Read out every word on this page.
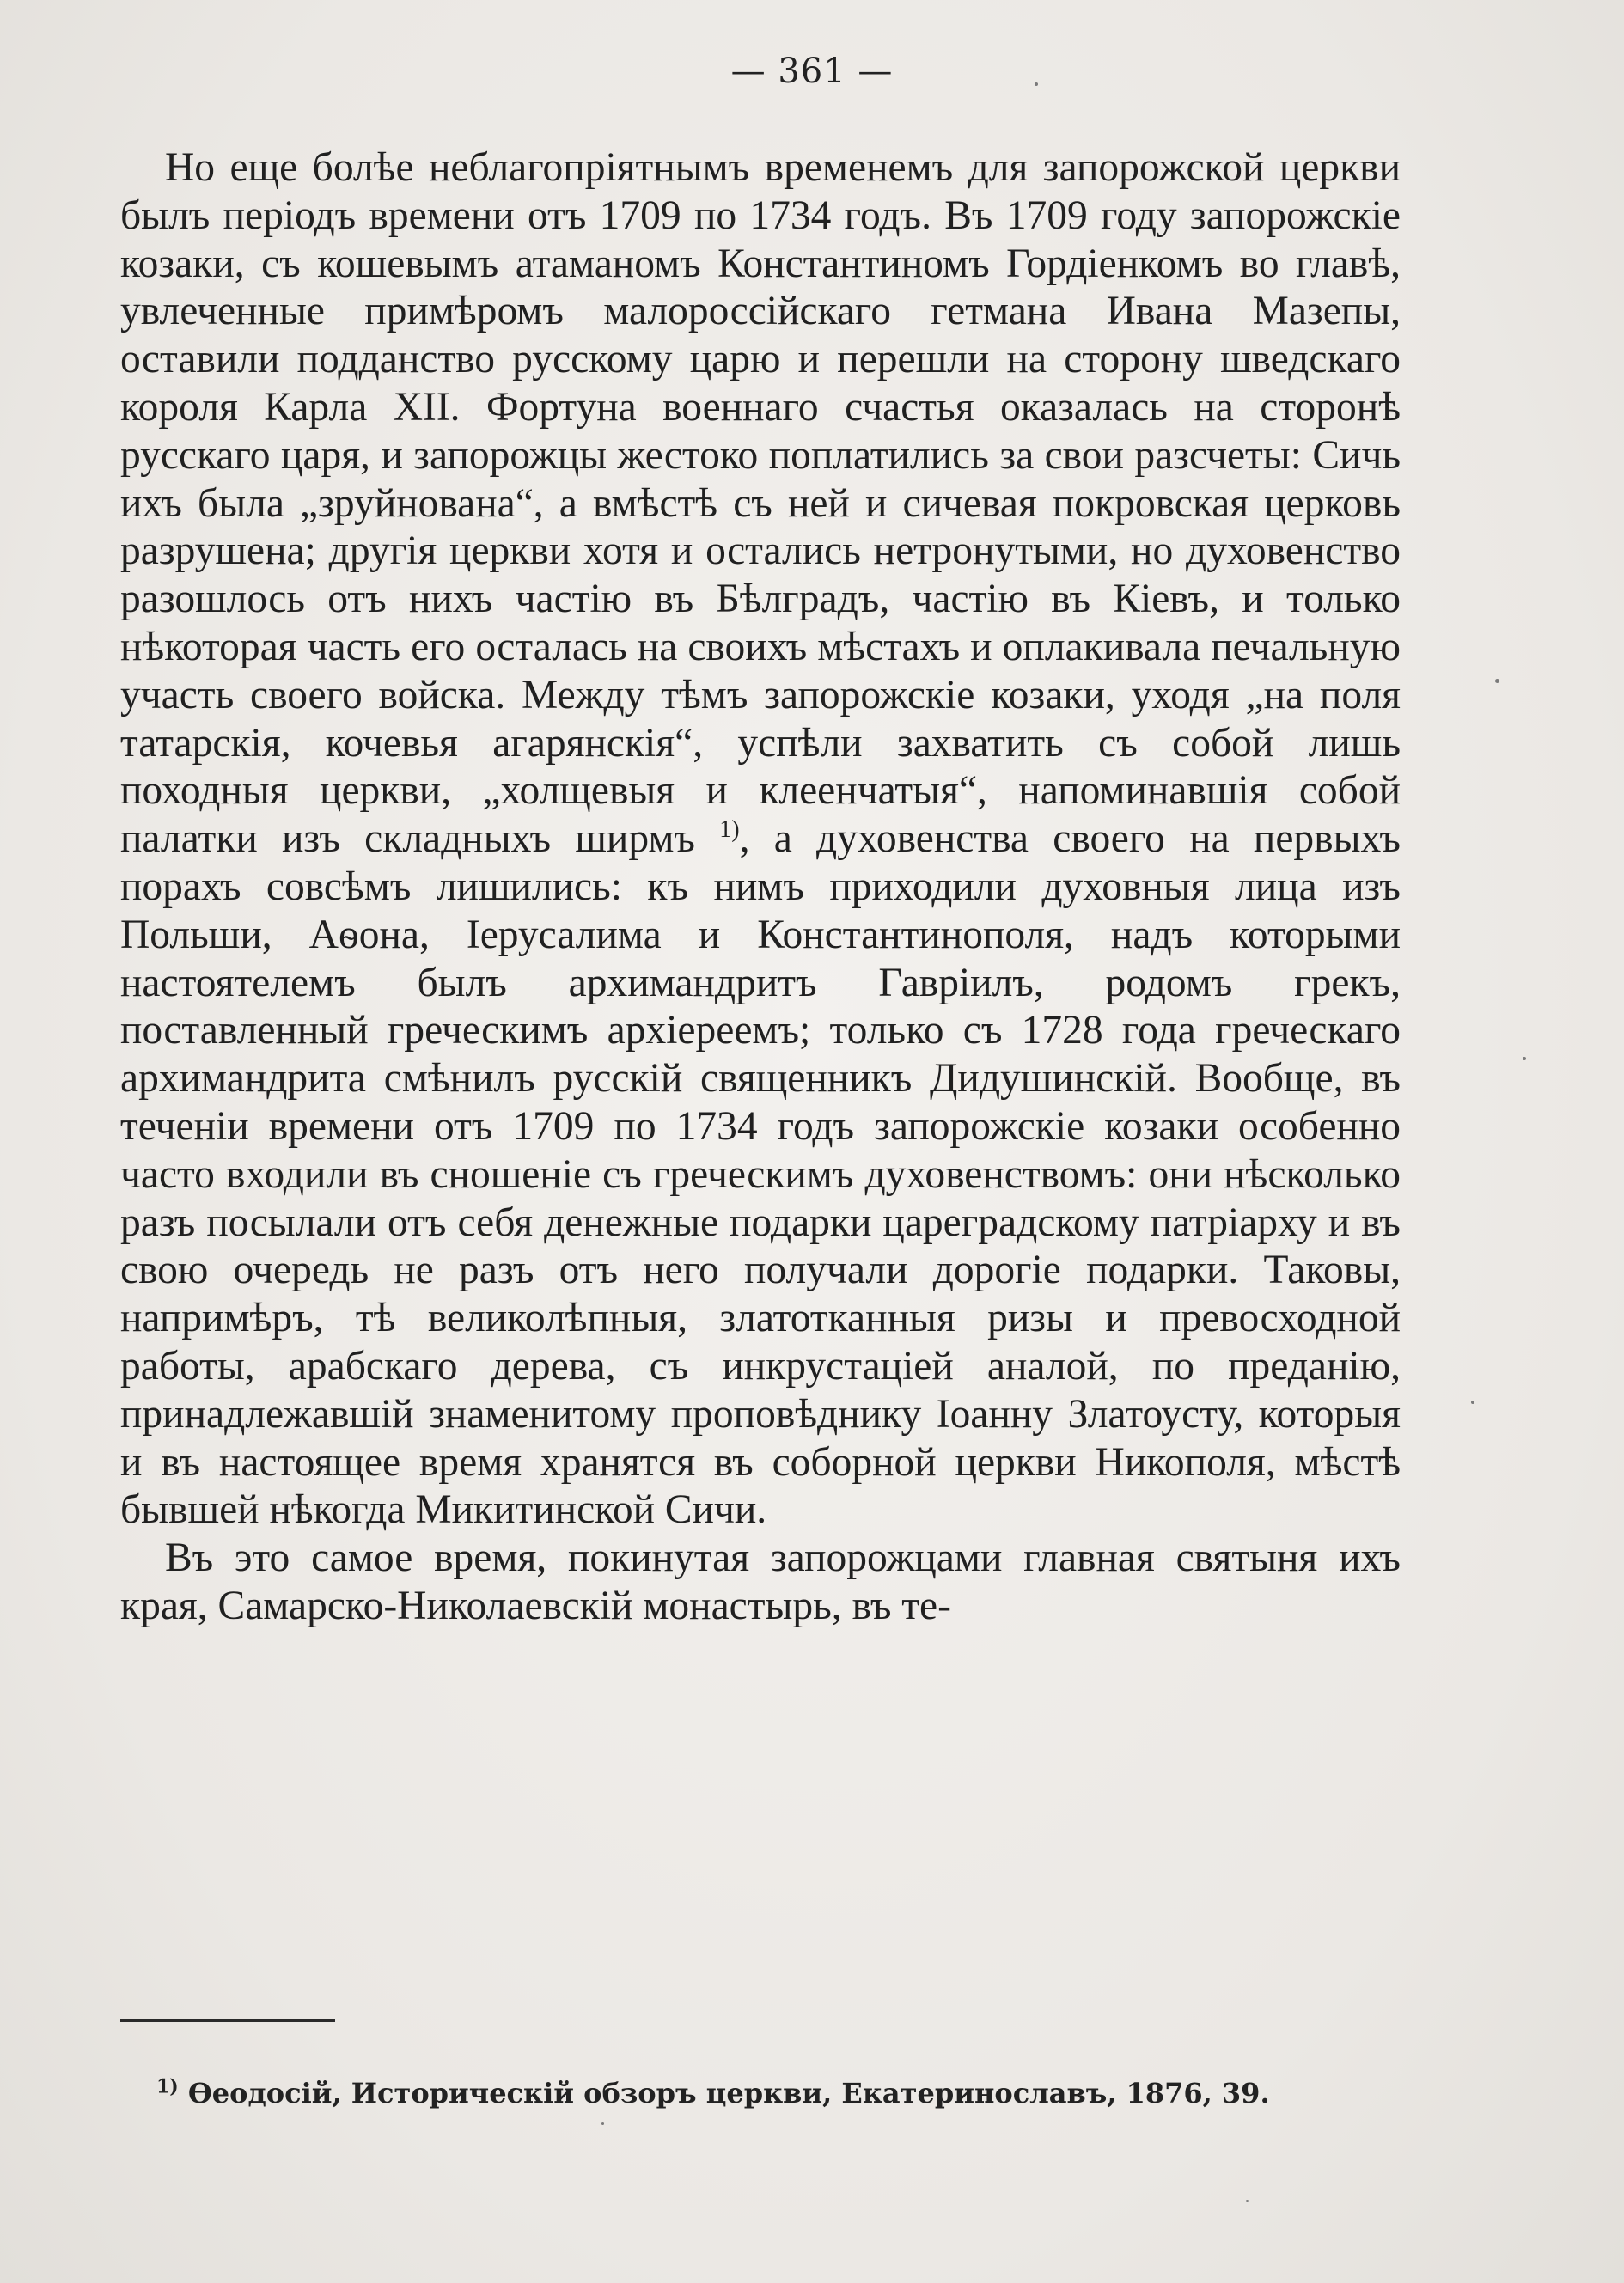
— 361 —

Но еще болѣе неблагопріятнымъ временемъ для запорожской церкви былъ періодъ времени отъ 1709 по 1734 годъ. Въ 1709 году запорожскіе козаки, съ кошевымъ атаманомъ Константиномъ Гордіенкомъ во главѣ, увлеченные примѣромъ малороссійскаго гетмана Ивана Мазепы, оставили подданство русскому царю и перешли на сторону шведскаго короля Карла XII. Фортуна военнаго счастья оказалась на сторонѣ русскаго царя, и запорожцы жестоко поплатились за свои разсчеты: Сичь ихъ была „зруйнована“, а вмѣстѣ съ ней и сичевая покровская церковь разрушена; другія церкви хотя и остались нетронутыми, но духовенство разошлось отъ нихъ частію въ Бѣлградъ, частію въ Кіевъ, и только нѣкоторая часть его осталась на своихъ мѣстахъ и оплакивала печальную участь своего войска. Между тѣмъ запорожскіе козаки, уходя „на поля татарскія, кочевья агарянскія“, успѣли захватить съ собой лишь походныя церкви, „холщевыя и клеенчатыя“, напоминавшія собой палатки изъ складныхъ ширмъ $^{1)}$, а духовенства своего на первыхъ порахъ совсѣмъ лишились: къ нимъ приходили духовныя лица изъ Польши, Аѳона, Іерусалима и Константинополя, надъ которыми настоятелемъ былъ архимандритъ Гавріилъ, родомъ грекъ, поставленный греческимъ архіереемъ; только съ 1728 года греческаго архимандрита смѣнилъ русскій священникъ Дидушинскій. Вообще, въ теченіи времени отъ 1709 по 1734 годъ запорожскіе козаки особенно часто входили въ сношеніе съ греческимъ духовенствомъ: они нѣсколько разъ посылали отъ себя денежные подарки цареградскому патріарху и въ свою очередь не разъ отъ него получали дорогіе подарки. Таковы, напримѣръ, тѣ великолѣпныя, златотканныя ризы и превосходной работы, арабскаго дерева, съ инкрустаціей аналой, по преданію, принадлежавшій знаменитому проповѣднику Іоанну Златоусту, которыя и въ настоящее время хранятся въ соборной церкви Никополя, мѣстѣ бывшей нѣкогда Микитинской Сичи.

Въ это самое время, покинутая запорожцами главная святыня ихъ края, Самарско-Николаевскій монастырь, въ те-

$^{1)}$ Ѳеодосій, Историческій обзоръ церкви, Екатеринославъ, 1876, 39.
